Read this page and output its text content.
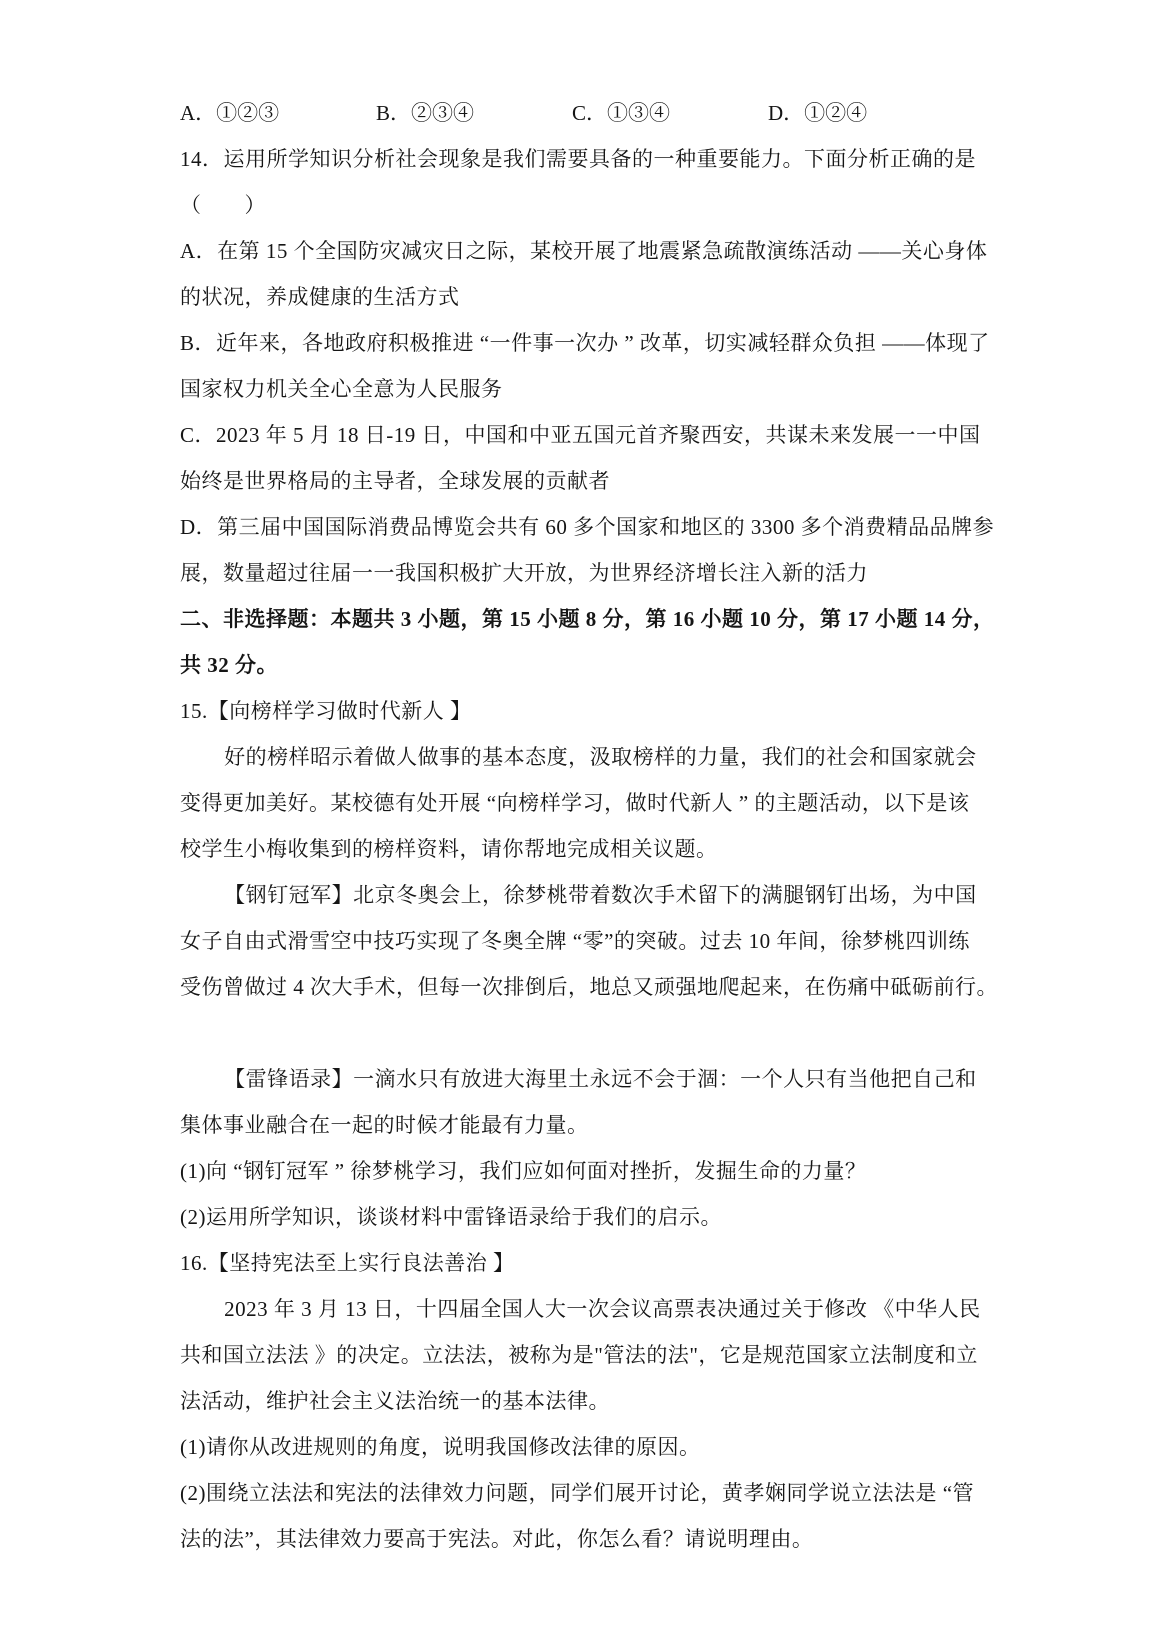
A．①②③	B．②③④	C．①③④	D．①②④
14．运用所学知识分析社会现象是我们需要具备的一种重要能力。下面分析正确的是
（　　）
A．在第 15 个全国防灾减灾日之际，某校开展了地震紧急疏散演练活动 ——关心身体
的状况，养成健康的生活方式
B．近年来，各地政府积极推进 “一件事一次办 ” 改革，切实减轻群众负担 ——体现了
国家权力机关全心全意为人民服务
C．2023 年 5 月 18 日-19 日，中国和中亚五国元首齐聚西安，共谋未来发展一一中国
始终是世界格局的主导者，全球发展的贡献者
D．第三届中国国际消费品博览会共有 60 多个国家和地区的 3300 多个消费精品品牌参
展，数量超过往届一一我国积极扩大开放，为世界经济增长注入新的活力
二、非选择题：本题共 3 小题，第 15 小题 8 分，第 16 小题 10 分，第 17 小题 14 分，
共 32 分。
15.【向榜样学习做时代新人 】
好的榜样昭示着做人做事的基本态度，汲取榜样的力量，我们的社会和国家就会
变得更加美好。某校德有处开展 “向榜样学习，做时代新人 ” 的主题活动，以下是该
校学生小梅收集到的榜样资料，请你帮地完成相关议题。
【钢钉冠军】北京冬奥会上，徐梦桃带着数次手术留下的满腿钢钉出场，为中国
女子自由式滑雪空中技巧实现了冬奥全牌 “零”的突破。过去 10 年间，徐梦桃四训练
受伤曾做过 4 次大手术，但每一次排倒后，地总又顽强地爬起来，在伤痛中砥砺前行。
【雷锋语录】一滴水只有放进大海里土永远不会于涸：一个人只有当他把自己和
集体事业融合在一起的时候才能最有力量。
(1)向 “钢钉冠军 ” 徐梦桃学习，我们应如何面对挫折，发掘生命的力量？
(2)运用所学知识，谈谈材料中雷锋语录给于我们的启示。
16.【坚持宪法至上实行良法善治 】
2023 年 3 月 13 日，十四届全国人大一次会议高票表决通过关于修改 《中华人民
共和国立法法 》的决定。立法法，被称为是"管法的法"，它是规范国家立法制度和立
法活动，维护社会主义法治统一的基本法律。
(1)请你从改进规则的角度，说明我国修改法律的原因。
(2)围绕立法法和宪法的法律效力问题，同学们展开讨论，黄孝娴同学说立法法是 “管
法的法”，其法律效力要高于宪法。对此，你怎么看？请说明理由。
